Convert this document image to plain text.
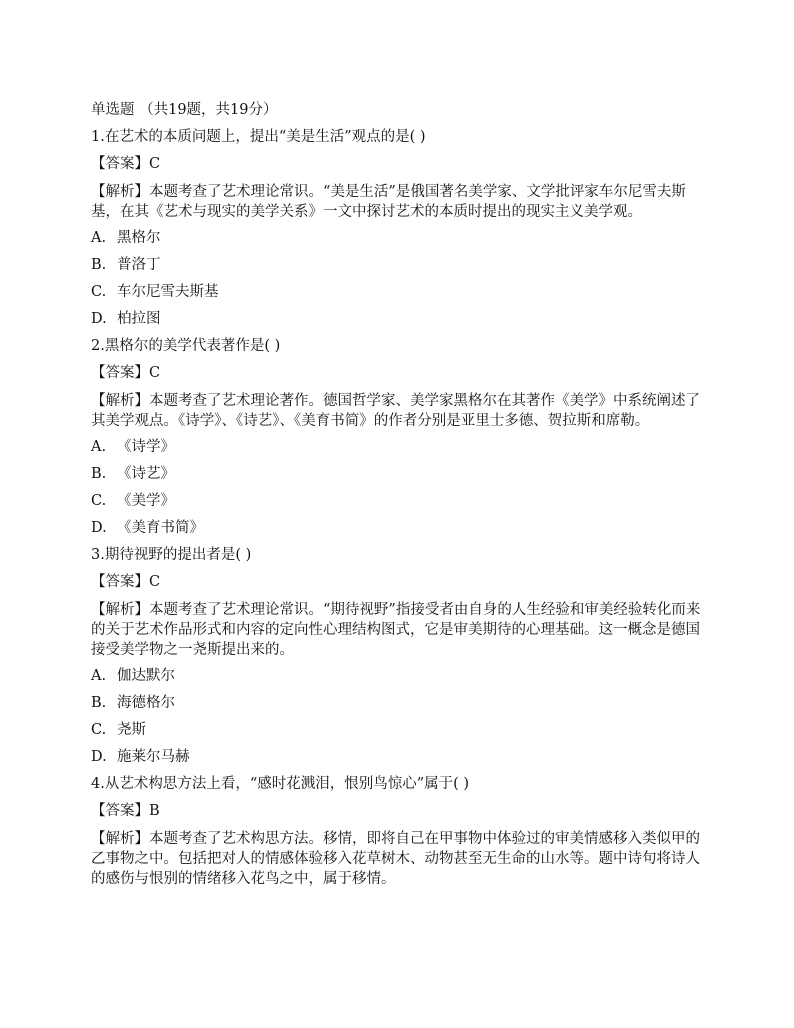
单选题 （共19题，共19分）
1.在艺术的本质问题上，提出“美是生活”观点的是( )
【答案】C
【解析】本题考查了艺术理论常识。“美是生活”是俄国著名美学家、文学批评家车尔尼雪夫斯基，在其《艺术与现实的美学关系》一文中探讨艺术的本质时提出的现实主义美学观。
A. 黑格尔
B. 普洛丁
C. 车尔尼雪夫斯基
D. 柏拉图
2.黑格尔的美学代表著作是( )
【答案】C
【解析】本题考查了艺术理论著作。德国哲学家、美学家黑格尔在其著作《美学》中系统阐述了其美学观点。《诗学》、《诗艺》、《美育书简》的作者分别是亚里士多德、贺拉斯和席勒。
A. 《诗学》
B. 《诗艺》
C. 《美学》
D. 《美育书简》
3.期待视野的提出者是( )
【答案】C
【解析】本题考查了艺术理论常识。“期待视野”指接受者由自身的人生经验和审美经验转化而来的关于艺术作品形式和内容的定向性心理结构图式，它是审美期待的心理基础。这一概念是德国接受美学物之一尧斯提出来的。
A. 伽达默尔
B. 海德格尔
C. 尧斯
D. 施莱尔马赫
4.从艺术构思方法上看，“感时花溅泪，恨别鸟惊心”属于( )
【答案】B
【解析】本题考查了艺术构思方法。移情，即将自己在甲事物中体验过的审美情感移入类似甲的乙事物之中。包括把对人的情感体验移入花草树木、动物甚至无生命的山水等。题中诗句将诗人的感伤与恨别的情绪移入花鸟之中，属于移情。
